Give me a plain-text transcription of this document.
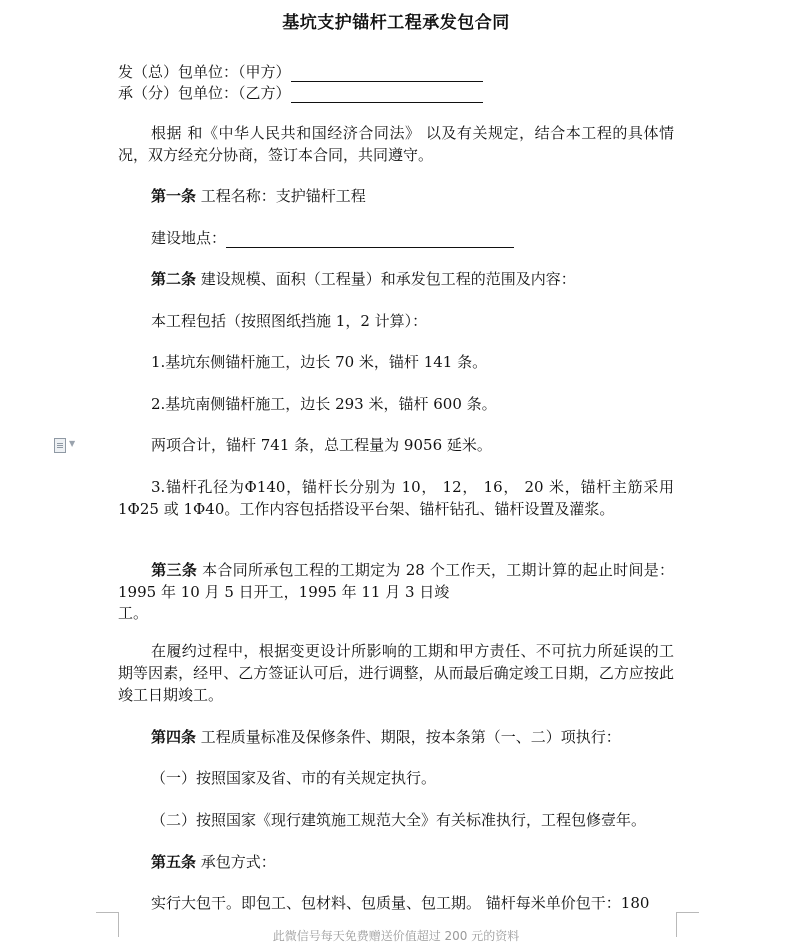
基坑支护锚杆工程承发包合同
发（总）包单位：（甲方）
承（分）包单位：（乙方）
根据 和《中华人民共和国经济合同法》 以及有关规定，结合本工程的具体情况，双方经充分协商，签订本合同，共同遵守。
第一条 工程名称：支护锚杆工程
建设地点：
第二条 建设规模、面积（工程量）和承发包工程的范围及内容：
本工程包括（按照图纸挡施 1，2 计算）：
1.基坑东侧锚杆施工，边长 70 米，锚杆 141 条。
2.基坑南侧锚杆施工，边长 293 米，锚杆 600 条。
▼	两项合计，锚杆 741 条，总工程量为 9056 延米。
3.锚杆孔径为Φ140，锚杆长分别为 10， 12， 16， 20 米，锚杆主筋采用 1Φ25 或 1Φ40。工作内容包括搭设平台架、锚杆钻孔、锚杆设置及灌浆。
第三条 本合同所承包工程的工期定为 28 个工作天，工期计算的起止时间是：1995 年 10 月 5 日开工，1995 年 11 月 3 日竣
工。
在履约过程中，根据变更设计所影响的工期和甲方责任、不可抗力所延误的工期等因素，经甲、乙方签证认可后，进行调整，从而最后确定竣工日期，乙方应按此竣工日期竣工。
第四条 工程质量标准及保修条件、期限，按本条第（一、二）项执行：
（一）按照国家及省、市的有关规定执行。
（二）按照国家《现行建筑施工规范大全》有关标准执行，工程包修壹年。
第五条 承包方式：
实行大包干。即包工、包材料、包质量、包工期。 锚杆每米单价包干：180
此微信号每天免费赠送价值超过 200 元的资料
